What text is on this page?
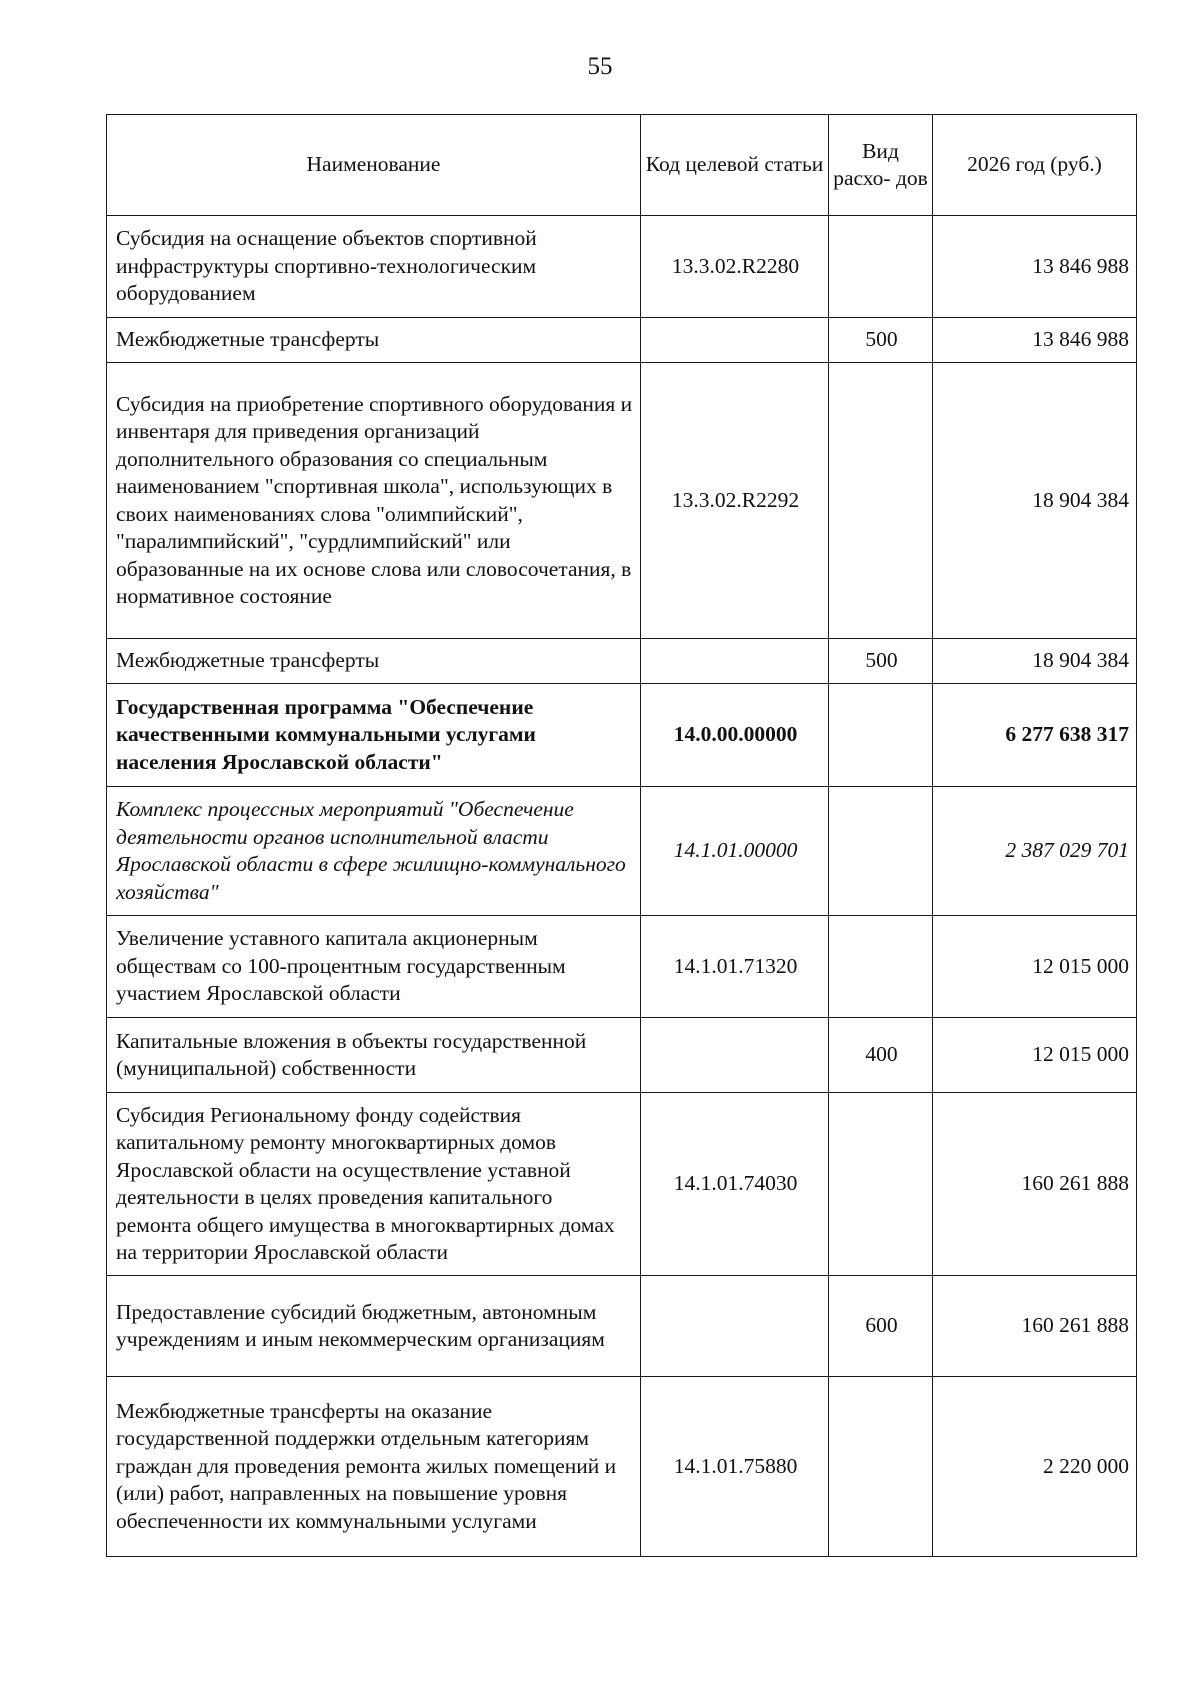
55
Наименование	Код целевой статьи	Вид расхо- дов	2026 год (руб.)
Субсидия на оснащение объектов спортивной инфраструктуры спортивно-технологическим оборудованием	13.3.02.R2280		13 846 988
Межбюджетные трансферты		500	13 846 988
Субсидия на приобретение спортивного оборудования и инвентаря для приведения организаций дополнительного образования со специальным наименованием "спортивная школа", использующих в своих наименованиях слова "олимпийский", "паралимпийский", "сурдлимпийский" или образованные на их основе слова или словосочетания, в нормативное состояние	13.3.02.R2292		18 904 384
Межбюджетные трансферты		500	18 904 384
Государственная программа "Обеспечение качественными коммунальными услугами населения Ярославской области"	14.0.00.00000		6 277 638 317
Комплекс процессных мероприятий "Обеспечение деятельности органов исполнительной власти Ярославской области в сфере жилищно-коммунального хозяйства"	14.1.01.00000		2 387 029 701
Увеличение уставного капитала акционерным обществам со 100-процентным государственным участием Ярославской области	14.1.01.71320		12 015 000
Капитальные вложения в объекты государственной (муниципальной) собственности		400	12 015 000
Субсидия Региональному фонду содействия капитальному ремонту многоквартирных домов Ярославской области на осуществление уставной деятельности в целях проведения капитального ремонта общего имущества в многоквартирных домах на территории Ярославской области	14.1.01.74030		160 261 888
Предоставление субсидий бюджетным, автономным учреждениям и иным некоммерческим организациям		600	160 261 888
Межбюджетные трансферты на оказание государственной поддержки отдельным категориям граждан для проведения ремонта жилых помещений и (или) работ, направленных на повышение уровня обеспеченности их коммунальными услугами	14.1.01.75880		2 220 000
